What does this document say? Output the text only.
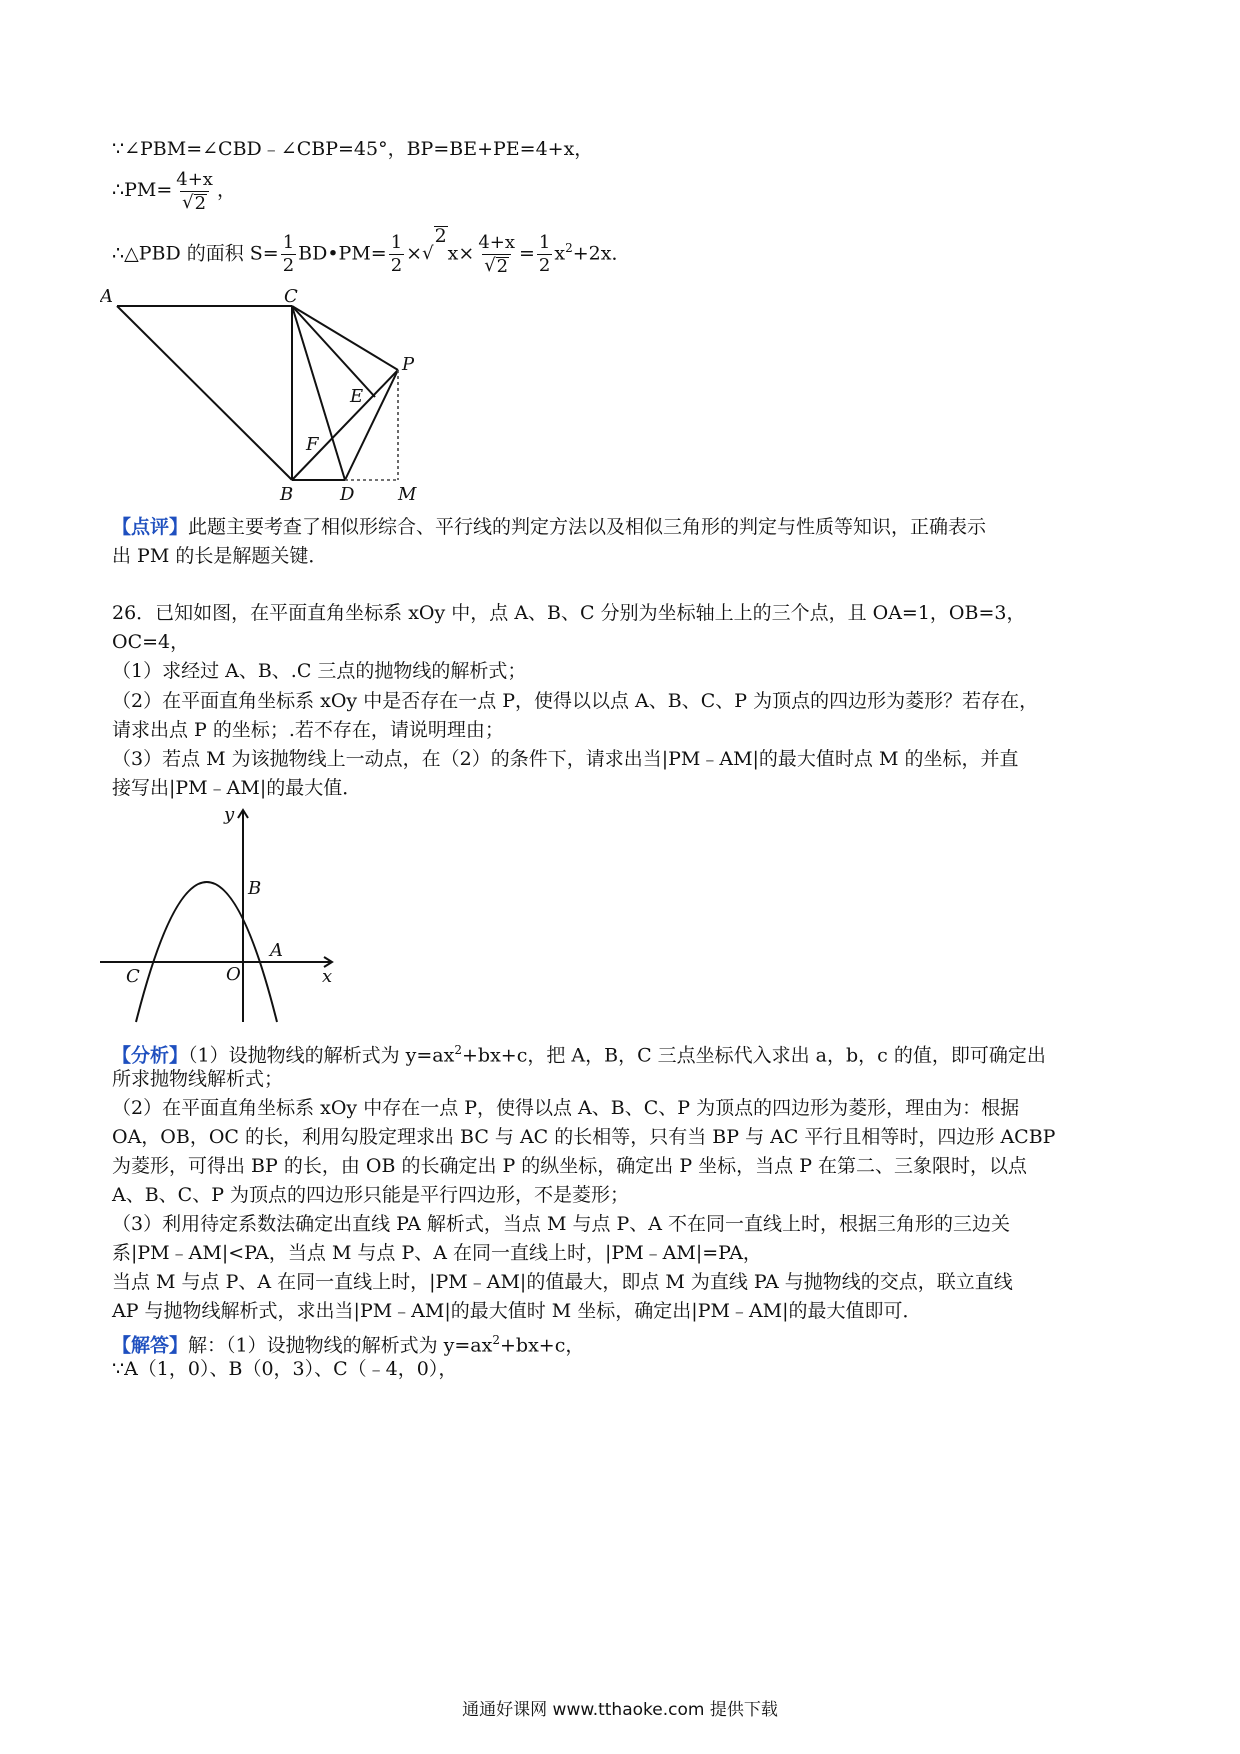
∵∠PBM=∠CBD﹣∠CBP=45°，BP=BE+PE=4+x，
∴PM= $\frac{4+x}{√ 2}$ ，
∴△PBD 的面积 $S= \frac{1}{2}$ BD•PM= $\frac{1}{2}$ × √
2
$x\times \frac{4+x}{√ 2} = \frac{1}{2} x^2+2x$．
A	C
P
E
F
B	D M
【点评】此题主要考查了相似形综合、平行线的判定方法以及相似三角形的判定与性质等知识，正确表示
出 PM 的长是解题关键．
26．已知如图，在平面直角坐标系 xOy 中，点 A、B、C 分别为坐标轴上上的三个点，且 OA=1，OB=3，
OC=4，
（1）求经过 A、B、.C 三点的抛物线的解析式；
（2）在平面直角坐标系 xOy 中是否存在一点 P，使得以以点 A、B、C、P 为顶点的四边形为菱形？若存在，
请求出点 P 的坐标；.若不存在，请说明理由；
（3）若点 M 为该抛物线上一动点，在（2）的条件下，请求出当|PM﹣AM|的最大值时点 M 的坐标，并直
接写出|PM﹣AM|的最大值．
y
B
A
C	O	x
【分析】（1）设抛物线的解析式为 $y=ax^2+bx+c$，把 A，B，C 三点坐标代入求出 a，b，c 的值，即可确定出
所求抛物线解析式；
（2）在平面直角坐标系 xOy 中存在一点 P，使得以点 A、B、C、P 为顶点的四边形为菱形，理由为：根据
OA，OB，OC 的长，利用勾股定理求出 BC 与 AC 的长相等，只有当 BP 与 AC 平行且相等时，四边形 ACBP
为菱形，可得出 BP 的长，由 OB 的长确定出 P 的纵坐标，确定出 P 坐标，当点 P 在第二、三象限时，以点
A、B、C、P 为顶点的四边形只能是平行四边形，不是菱形；
（3）利用待定系数法确定出直线 PA 解析式，当点 M 与点 P、A 不在同一直线上时，根据三角形的三边关
系|PM﹣AM|<PA，当点 M 与点 P、A 在同一直线上时，|PM﹣AM|=PA，
当点 M 与点 P、A 在同一直线上时，|PM﹣AM|的值最大，即点 M 为直线 PA 与抛物线的交点，联立直线
AP 与抛物线解析式，求出当|PM﹣AM|的最大值时 M 坐标，确定出|PM﹣AM|的最大值即可．
【解答】解：（1）设抛物线的解析式为 $y=ax^2+bx+c$，
∵A（1，0）、B（0，3）、C（﹣4，0），
通通好课网 www.tthaoke.com 提供下载
